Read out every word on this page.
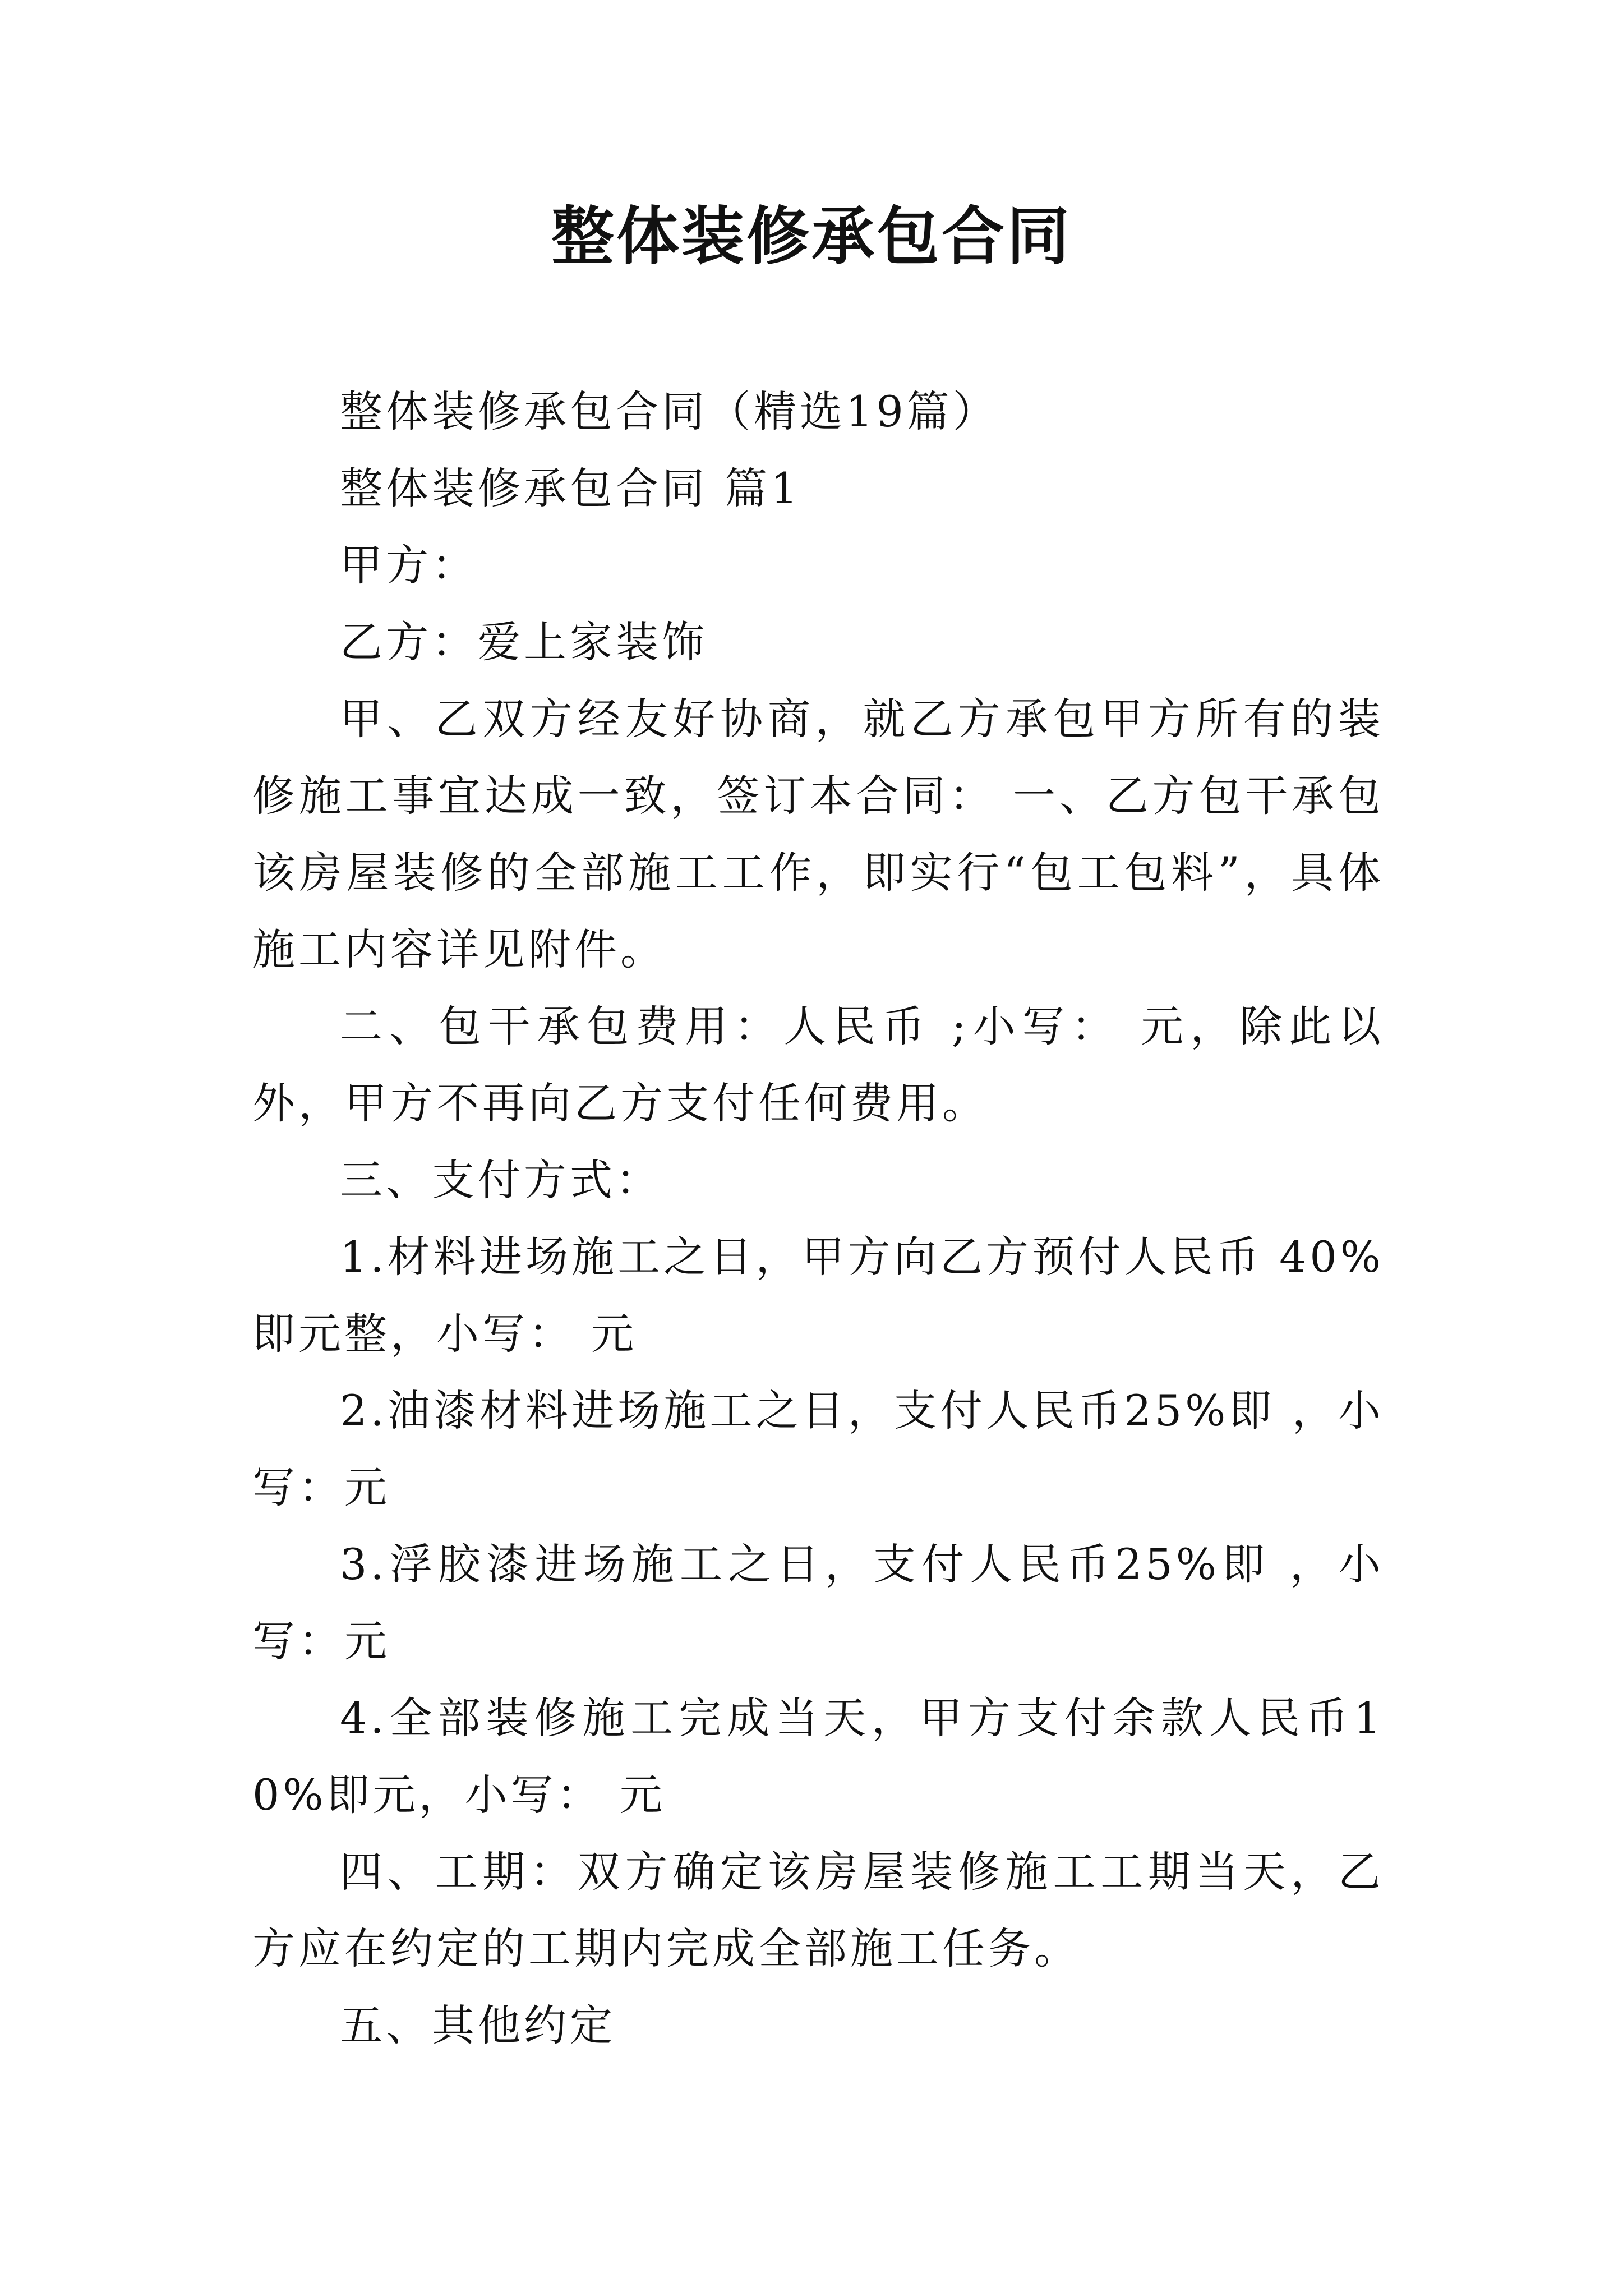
整体装修承包合同

整体装修承包合同（精选19篇）

整体装修承包合同 篇1

甲方：

乙方：爱上家装饰

甲、乙双方经友好协商，就乙方承包甲方所有的装修施工事宜达成一致，签订本合同： 一、乙方包干承包该房屋装修的全部施工工作，即实行“包工包料”，具体施工内容详见附件。

二、包干承包费用：人民币 ;小写： 元，除此以外，甲方不再向乙方支付任何费用。

三、支付方式：

1.材料进场施工之日，甲方向乙方预付人民币 40%即元整，小写： 元

2.油漆材料进场施工之日，支付人民币25%即 ，小写：元

3.浮胶漆进场施工之日，支付人民币25%即 ，小写：元

4.全部装修施工完成当天，甲方支付余款人民币10%即元，小写： 元

四、工期：双方确定该房屋装修施工工期当天，乙方应在约定的工期内完成全部施工任务。

五、其他约定
